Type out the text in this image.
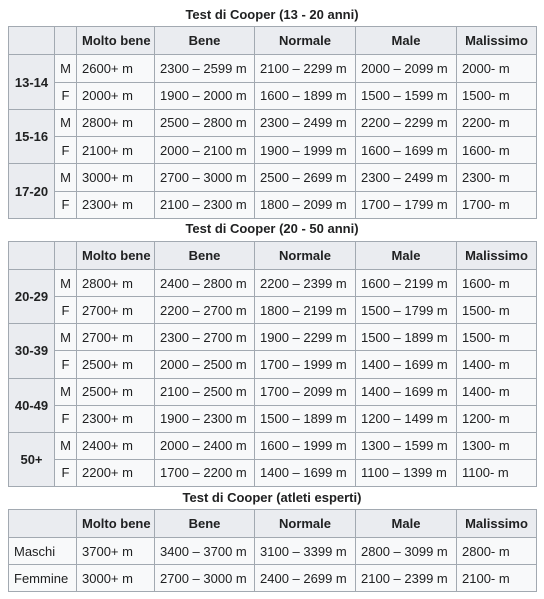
Test di Cooper (13 - 20 anni)
		Molto bene	Bene	Normale	Male	Malissimo
13-14	M	2600+ m	2300 – 2599 m	2100 – 2299 m	2000 – 2099 m	2000- m
	F	2000+ m	1900 – 2000 m	1600 – 1899 m	1500 – 1599 m	1500- m
15-16	M	2800+ m	2500 – 2800 m	2300 – 2499 m	2200 – 2299 m	2200- m
	F	2100+ m	2000 – 2100 m	1900 – 1999 m	1600 – 1699 m	1600- m
17-20	M	3000+ m	2700 – 3000 m	2500 – 2699 m	2300 – 2499 m	2300- m
	F	2300+ m	2100 – 2300 m	1800 – 2099 m	1700 – 1799 m	1700- m
Test di Cooper (20 - 50 anni)
		Molto bene	Bene	Normale	Male	Malissimo
20-29	M	2800+ m	2400 – 2800 m	2200 – 2399 m	1600 – 2199 m	1600- m
	F	2700+ m	2200 – 2700 m	1800 – 2199 m	1500 – 1799 m	1500- m
30-39	M	2700+ m	2300 – 2700 m	1900 – 2299 m	1500 – 1899 m	1500- m
	F	2500+ m	2000 – 2500 m	1700 – 1999 m	1400 – 1699 m	1400- m
40-49	M	2500+ m	2100 – 2500 m	1700 – 2099 m	1400 – 1699 m	1400- m
	F	2300+ m	1900 – 2300 m	1500 – 1899 m	1200 – 1499 m	1200- m
50+	M	2400+ m	2000 – 2400 m	1600 – 1999 m	1300 – 1599 m	1300- m
	F	2200+ m	1700 – 2200 m	1400 – 1699 m	1100 – 1399 m	1100- m
Test di Cooper (atleti esperti)
	Molto bene	Bene	Normale	Male	Malissimo
Maschi	3700+ m	3400 – 3700 m	3100 – 3399 m	2800 – 3099 m	2800- m
Femmine	3000+ m	2700 – 3000 m	2400 – 2699 m	2100 – 2399 m	2100- m
